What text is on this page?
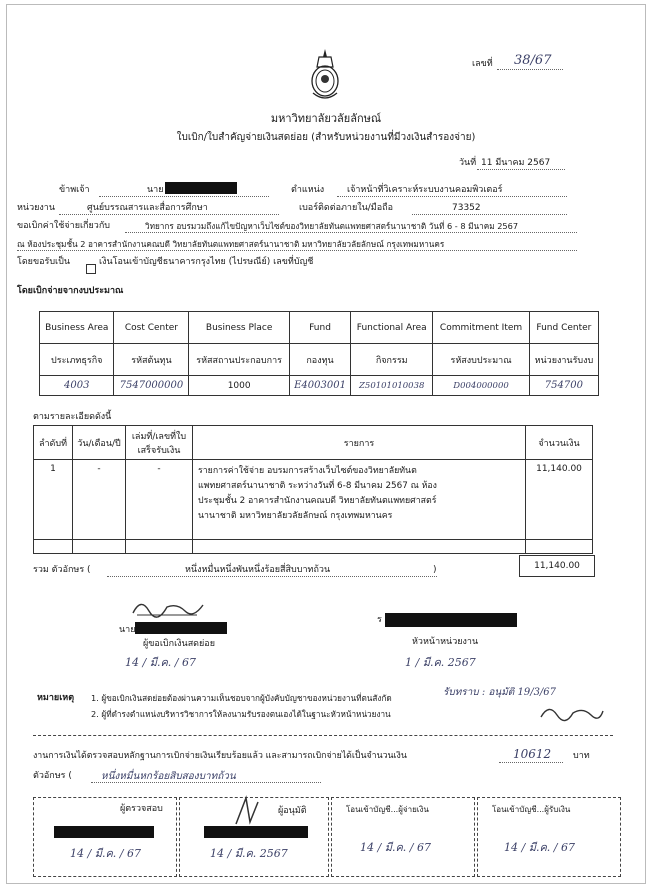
เลขที่ 38/67
มหาวิทยาลัยวลัยลักษณ์
ใบเบิก/ใบสำคัญจ่ายเงินสดย่อย (สำหรับหน่วยงานที่มีวงเงินสำรองจ่าย)
วันที่ 11 มีนาคม 2567
ข้าพเจ้า	นาย	ตำแหน่ง	เจ้าหน้าที่วิเคราะห์ระบบงานคอมพิวเตอร์
หน่วยงาน	ศูนย์บรรณสารและสื่อการศึกษา	เบอร์ติดต่อภายใน/มือถือ	73352
ขอเบิกค่าใช้จ่ายเกี่ยวกับ	วิทยากร อบรมวมถึงแก้ไขปัญหาเว็บไซต์ของวิทยาลัยทันตแพทยศาสตร์นานาชาติ วันที่ 6 - 8 มีนาคม 2567
ณ ห้องประชุมชั้น 2 อาคารสำนักงานคณบดี วิทยาลัยทันตแพทยศาสตร์นานาชาติ มหาวิทยาลัยวลัยลักษณ์ กรุงเทพมหานคร
โดยขอรับเป็น	เงินโอนเข้าบัญชีธนาคารกรุงไทย (ไปรษณีย์) เลขที่บัญชี
โดยเบิกจ่ายจากงบประมาณ
Business Area	Cost Center	Business Place	Fund	Functional Area	Commitment Item	Fund Center
ประเภทธุรกิจ	รหัสต้นทุน	รหัสสถานประกอบการ	กองทุน	กิจกรรม	รหัสงบประมาณ	หน่วยงานรับงบ
4003	7547000000	1000	E4003001	Z50101010038	D004000000	754700
ตามรายละเอียดดังนี้
ลำดับที่	วัน/เดือน/ปี	เล่มที่/เลขที่ใบเสร็จรับเงิน	รายการ	จำนวนเงิน
1	-	-	รายการค่าใช้จ่าย อบรมการสร้างเว็บไซต์ของวิทยาลัยทันต
แพทยศาสตร์นานาชาติ ระหว่างวันที่ 6-8 มีนาคม 2567 ณ ห้อง
ประชุมชั้น 2 อาคารสำนักงานคณบดี วิทยาลัยทันตแพทยศาสตร์
นานาชาติ มหาวิทยาลัยวลัยลักษณ์ กรุงเทพมหานคร	11,140.00

รวม ตัวอักษร (	หนึ่งหมื่นหนึ่งพันหนึ่งร้อยสี่สิบบาทถ้วน	)	11,140.00
นาย
ผู้ขอเบิกเงินสดย่อย
14 / มี.ค. / 67
ร
หัวหน้าหน่วยงาน
1 / มี.ค. 2567
หมายเหตุ 1. ผู้ขอเบิกเงินสดย่อยต้องผ่านความเห็นชอบจากผู้บังคับบัญชาของหน่วยงานที่ตนสังกัด
2. ผู้ที่ดำรงตำแหน่งบริหารวิชาการให้ลงนามรับรองตนเองได้ในฐานะหัวหน้าหน่วยงาน
รับทราบ : อนุมัติ 19/3/67
งานการเงินได้ตรวจสอบหลักฐานการเบิกจ่ายเงินเรียบร้อยแล้ว และสามารถเบิกจ่ายได้เป็นจำนวนเงิน	10612 บาท
ตัวอักษร (	หนึ่งหมื่นหกร้อยสิบสองบาทถ้วน
ผู้ตรวจสอบ
14 / มี.ค. / 67
ผู้อนุมัติ
14 / มี.ค. 2567
โอนเข้าบัญชี...ผู้จ่ายเงิน
14 / มี.ค. / 67
โอนเข้าบัญชี...ผู้รับเงิน
14 / มี.ค. / 67
